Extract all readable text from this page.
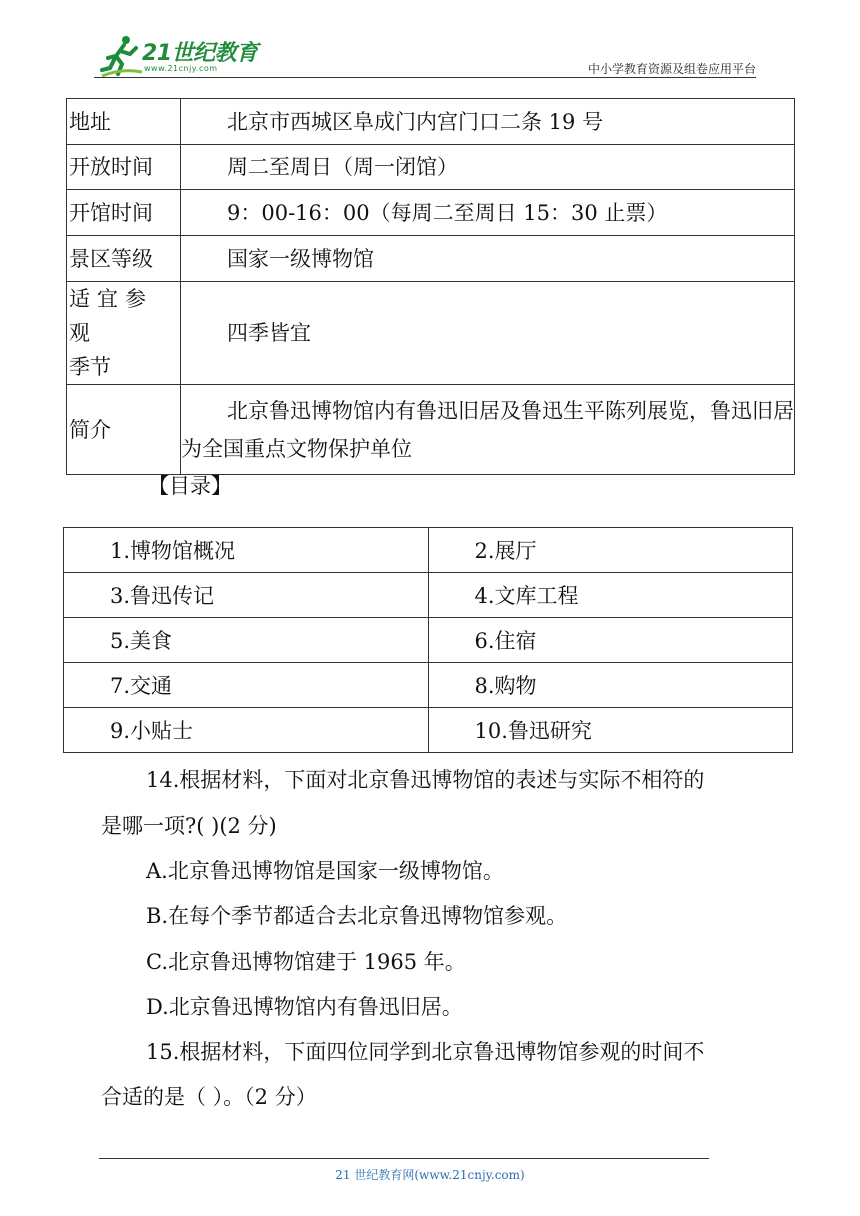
21世纪教育
www.21cnjy.com	中小学教育资源及组卷应用平台
地址	北京市西城区阜成门内宫门口二条 19 号
开放时间	周二至周日（周一闭馆）
开馆时间	9：00-16：00（每周二至周日 15：30 止票）
景区等级	国家一级博物馆

适宜参观
季节	四季皆宜
简介	北京鲁迅博物馆内有鲁迅旧居及鲁迅生平陈列展览，鲁迅旧居为全国重点文物保护单位
【目录】
1.博物馆概况	2.展厅
3.鲁迅传记	4.文库工程
5.美食	6.住宿
7.交通	8.购物
9.小贴士	10.鲁迅研究
14.根据材料，下面对北京鲁迅博物馆的表述与实际不相符的
是哪一项?( )(2 分)
A.北京鲁迅博物馆是国家一级博物馆。
B.在每个季节都适合去北京鲁迅博物馆参观。
C.北京鲁迅博物馆建于 1965 年。
D.北京鲁迅博物馆内有鲁迅旧居。
15.根据材料，下面四位同学到北京鲁迅博物馆参观的时间不
合适的是（ ）。（2 分）
21 世纪教育网(www.21cnjy.com)
